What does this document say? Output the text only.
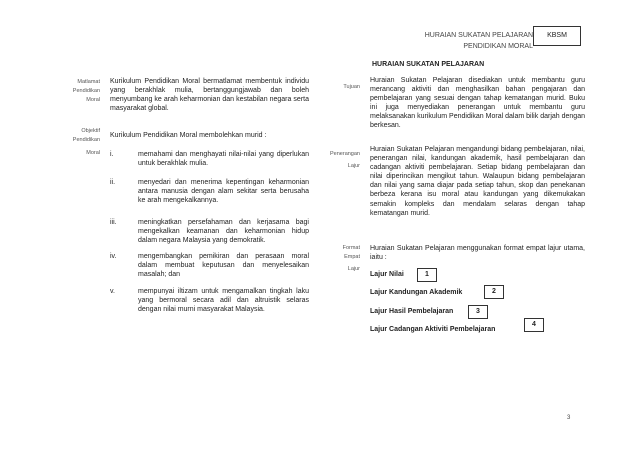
HURAIAN SUKATAN PELAJARAN
PENDIDIKAN MORAL
KBSM
HURAIAN SUKATAN PELAJARAN
Matlamat
Pendidikan
Moral
Kurikulum Pendidikan Moral bermatlamat membentuk individu yang berakhlak mulia, bertanggungjawab dan boleh menyumbang ke arah keharmonian dan kestabilan negara serta masyarakat global.
Objektif
Pendidikan
Moral
Kurikulum Pendidikan Moral membolehkan murid :
i.	memahami dan menghayati nilai-nilai yang diperlukan untuk berakhlak mulia.
ii.	menyedari dan menerima kepentingan keharmonian antara manusia dengan alam sekitar serta berusaha ke arah mengekalkannya.
iii.	meningkatkan persefahaman dan kerjasama bagi mengekalkan keamanan dan keharmonian hidup dalam negara Malaysia yang demokratik.
iv.	mengembangkan pemikiran dan perasaan moral dalam membuat keputusan dan menyelesaikan masalah; dan
v.	mempunyai iltizam untuk mengamalkan tingkah laku yang bermoral secara adil dan altruistik selaras dengan nilai murni masyarakat Malaysia.
Tujuan
Huraian Sukatan Pelajaran disediakan untuk membantu guru merancang aktiviti dan menghasilkan bahan pengajaran dan pembelajaran yang sesuai dengan tahap kematangan murid. Buku ini juga menyediakan penerangan untuk membantu guru melaksanakan kurikulum Pendidikan Moral dalam bilik darjah dengan berkesan.
Penerangan
Lajur
Huraian Sukatan Pelajaran mengandungi bidang pembelajaran, nilai, penerangan nilai, kandungan akademik, hasil pembelajaran dan cadangan aktiviti pembelajaran. Setiap bidang pembelajaran dan nilai diperincikan mengikut tahun. Walaupun bidang pembelajaran dan nilai yang sama diajar pada setiap tahun, skop dan penekanan berbeza kerana isu moral atau kandungan yang dikemukakan semakin kompleks dan mendalam selaras dengan tahap kematangan murid.
Format
Empat
Lajur
Huraian Sukatan Pelajaran menggunakan format empat lajur utama, iaitu :
Lajur Nilai	1
Lajur Kandungan Akademik	2
Lajur Hasil Pembelajaran	3
Lajur Cadangan Aktiviti Pembelajaran
4
3
